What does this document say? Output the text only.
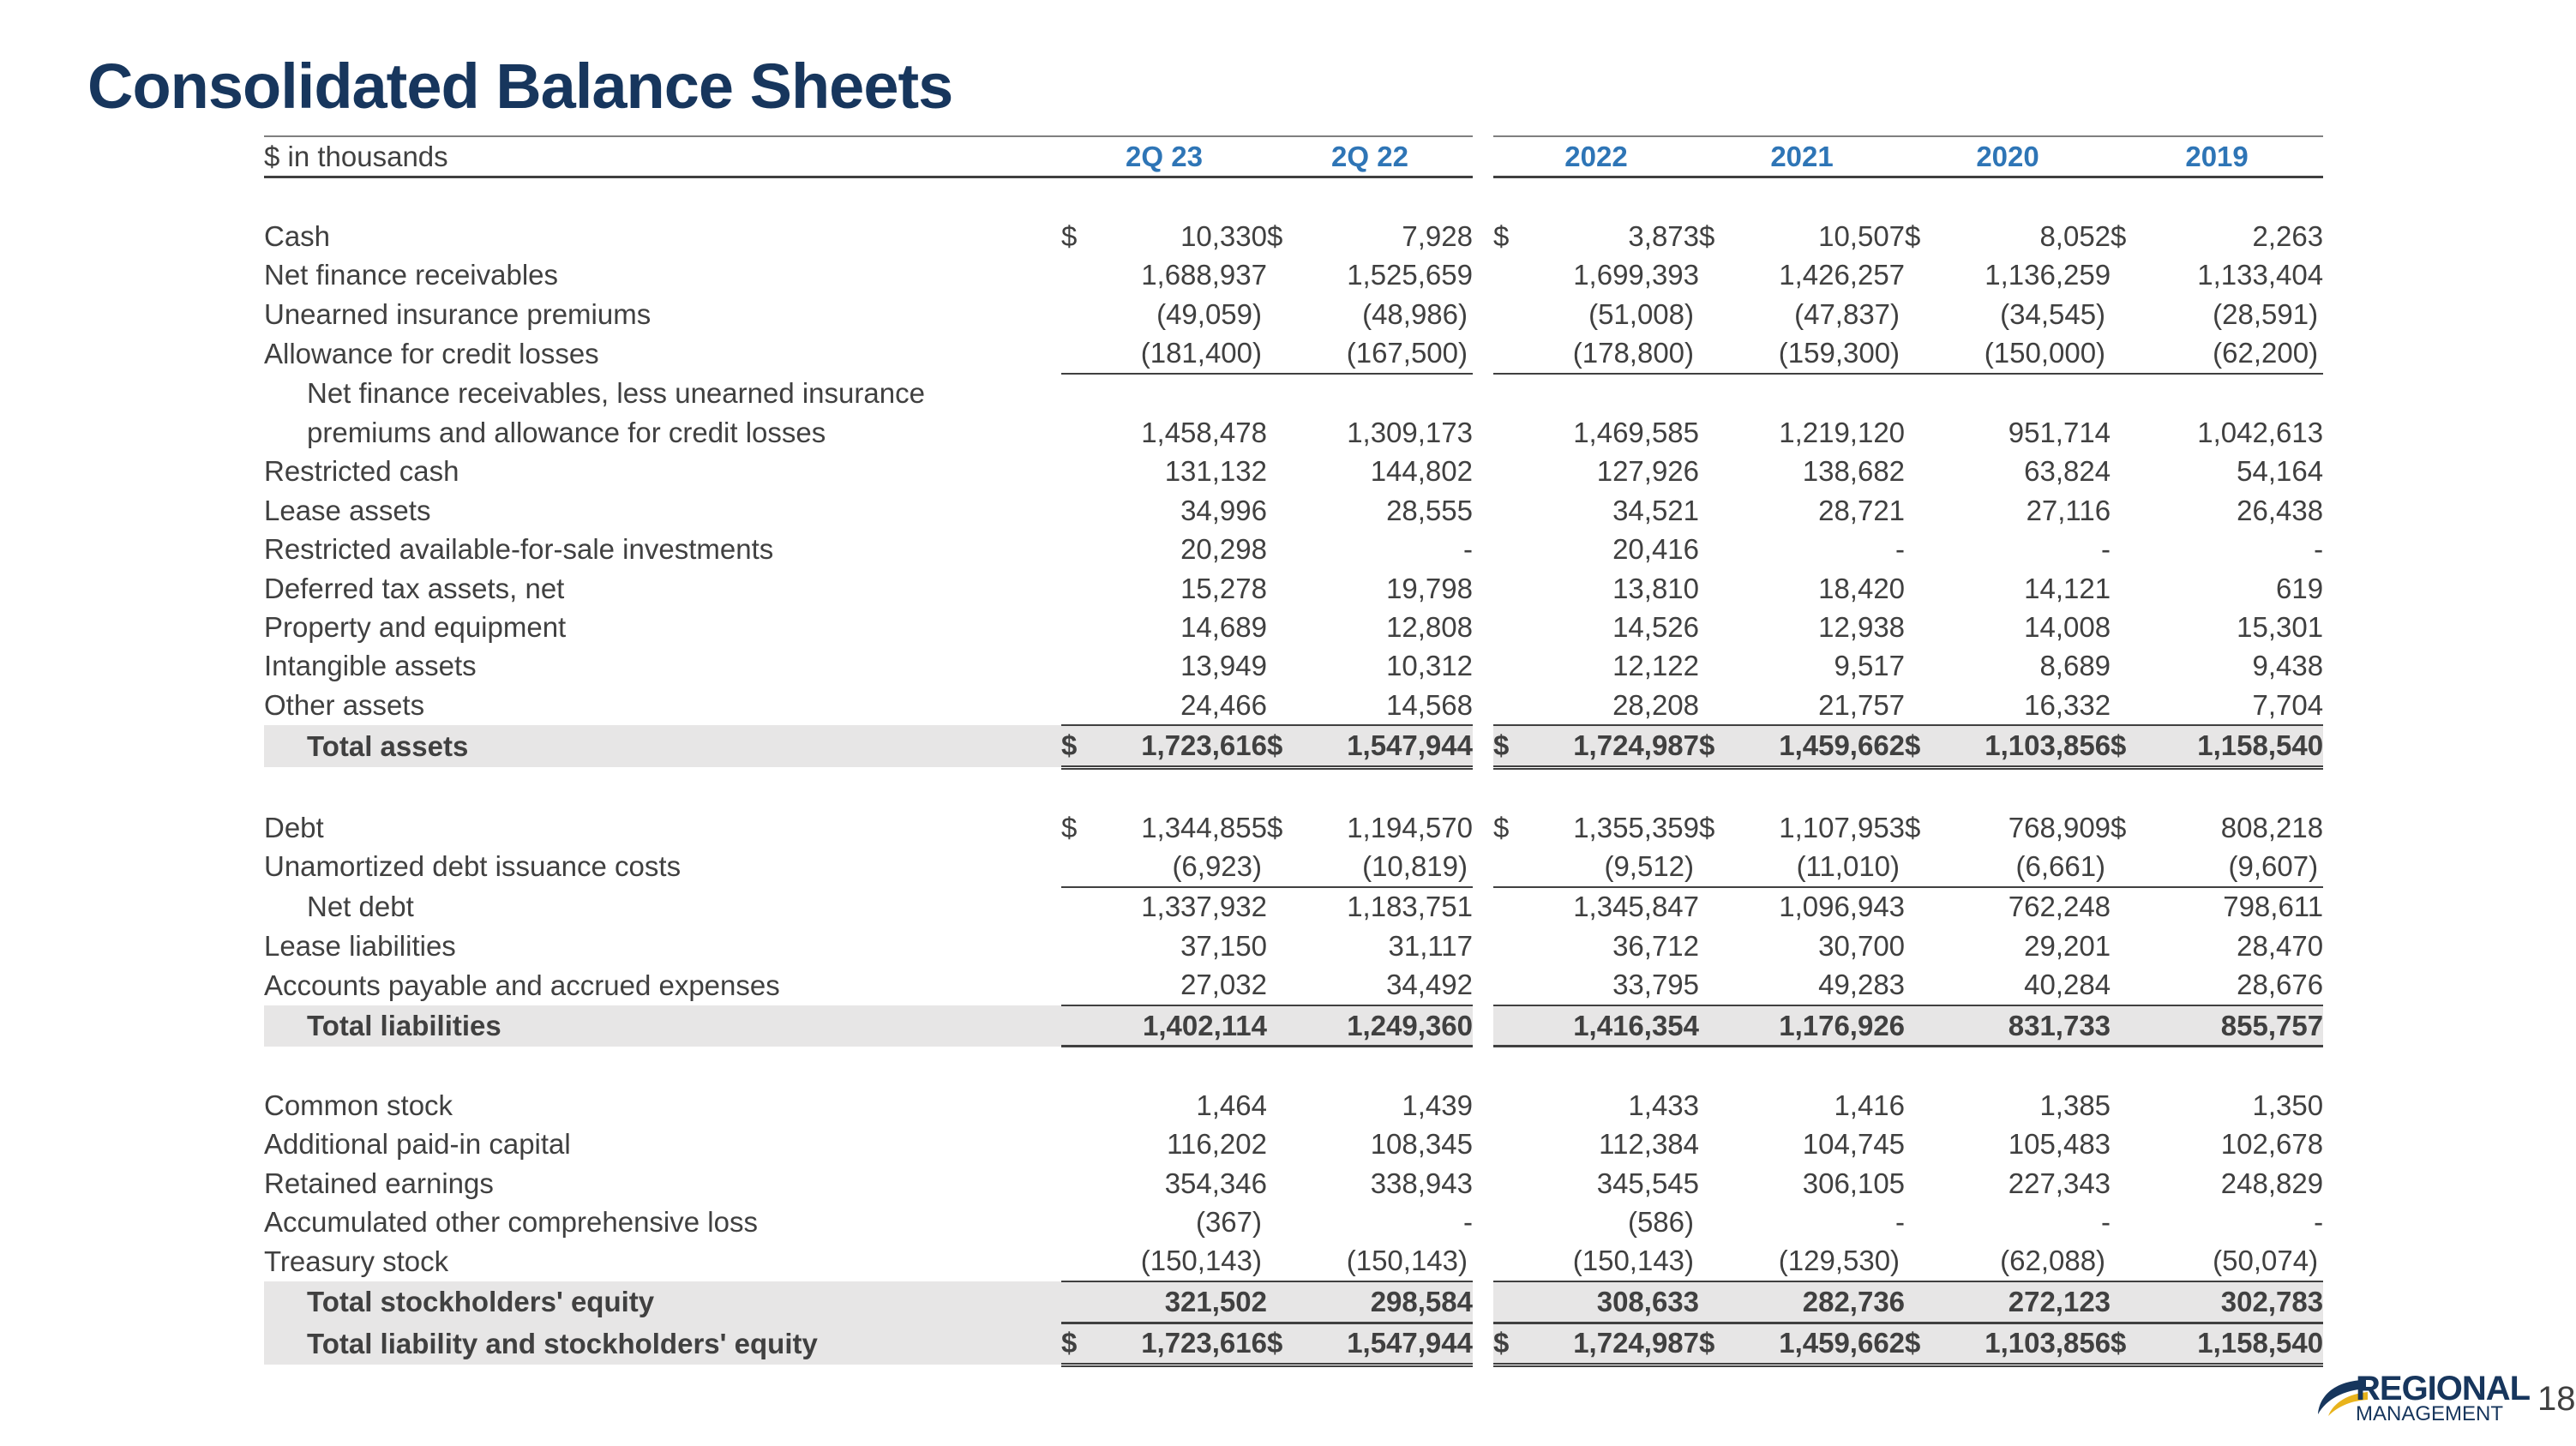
Consolidated Balance Sheets
$ in thousands	2Q 23		2Q 22			2022		2021		2020		2019	

Cash	$	10,330	$	7,928		$	3,873	$	10,507	$	8,052	$	2,263
Net finance receivables		1,688,937		1,525,659			1,699,393		1,426,257		1,136,259		1,133,404
Unearned insurance premiums		(49,059)		(48,986)			(51,008)		(47,837)		(34,545)		(28,591)
Allowance for credit losses		(181,400)		(167,500)			(178,800)		(159,300)		(150,000)		(62,200)
Net finance receivables, less unearned insurance													
premiums and allowance for credit losses		1,458,478		1,309,173			1,469,585		1,219,120		951,714		1,042,613
Restricted cash		131,132		144,802			127,926		138,682		63,824		54,164
Lease assets		34,996		28,555			34,521		28,721		27,116		26,438
Restricted available-for-sale investments		20,298		-			20,416		-		-		-
Deferred tax assets, net		15,278		19,798			13,810		18,420		14,121		619
Property and equipment		14,689		12,808			14,526		12,938		14,008		15,301
Intangible assets		13,949		10,312			12,122		9,517		8,689		9,438
Other assets		24,466		14,568			28,208		21,757		16,332		7,704
Total assets	$	1,723,616	$	1,547,944		$	1,724,987	$	1,459,662	$	1,103,856	$	1,158,540

Debt	$	1,344,855	$	1,194,570		$	1,355,359	$	1,107,953	$	768,909	$	808,218
Unamortized debt issuance costs		(6,923)		(10,819)			(9,512)		(11,010)		(6,661)		(9,607)
Net debt		1,337,932		1,183,751			1,345,847		1,096,943		762,248		798,611
Lease liabilities		37,150		31,117			36,712		30,700		29,201		28,470
Accounts payable and accrued expenses		27,032		34,492			33,795		49,283		40,284		28,676
Total liabilities		1,402,114		1,249,360			1,416,354		1,176,926		831,733		855,757

Common stock		1,464		1,439			1,433		1,416		1,385		1,350
Additional paid-in capital		116,202		108,345			112,384		104,745		105,483		102,678
Retained earnings		354,346		338,943			345,545		306,105		227,343		248,829
Accumulated other comprehensive loss		(367)		-			(586)		-		-		-
Treasury stock		(150,143)		(150,143)			(150,143)		(129,530)		(62,088)		(50,074)
Total stockholders' equity		321,502		298,584			308,633		282,736		272,123		302,783
Total liability and stockholders' equity	$	1,723,616	$	1,547,944		$	1,724,987	$	1,459,662	$	1,103,856	$	1,158,540
REGIONAL
MANAGEMENT 18
